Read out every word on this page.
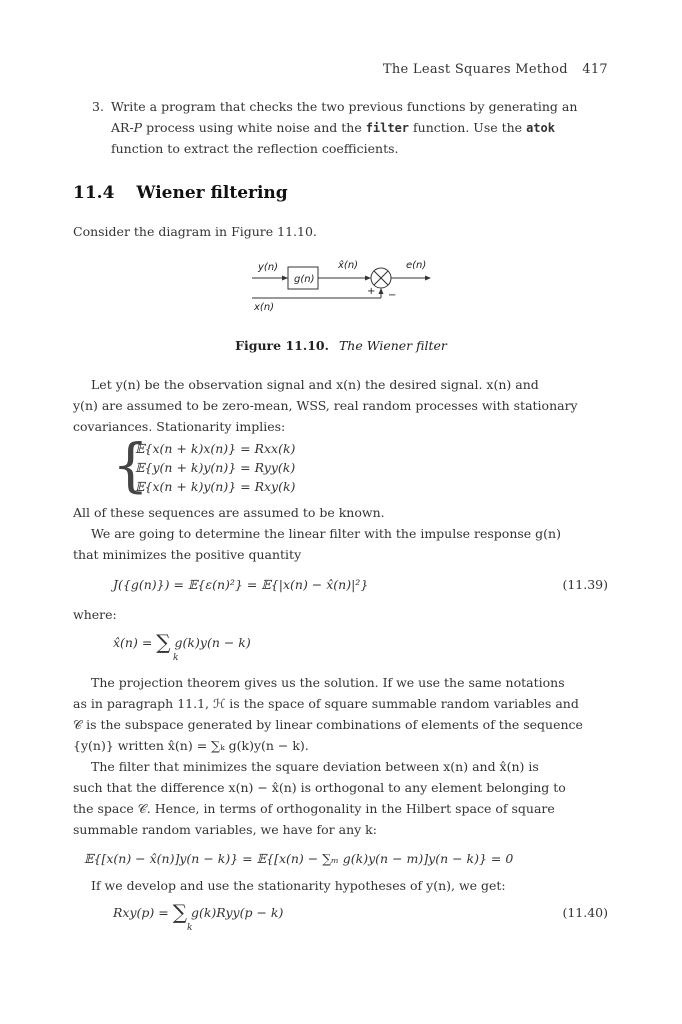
The Least Squares Method 417
3. Write a program that checks the two previous functions by generating an
AR-P process using white noise and the filter function. Use the atok
function to extract the reflection coefficients.
11.4 Wiener filtering
Consider the diagram in Figure 11.10.
y(n)
g(n)
x̂(n)	e(n)
x(n)
+ −
Figure 11.10. The Wiener filter
Let y(n) be the observation signal and x(n) the desired signal. x(n) and
y(n) are assumed to be zero-mean, WSS, real random processes with stationary
covariances. Stationarity implies:
{
𝔼{x(n + k)x(n)} = Rxx(k)
𝔼{y(n + k)y(n)} = Ryy(k)
𝔼{x(n + k)y(n)} = Rxy(k)
All of these sequences are assumed to be known.
We are going to determine the linear filter with the impulse response g(n)
that minimizes the positive quantity
J({g(n)}) = 𝔼{ε(n)²} = 𝔼{|x(n) − x̂(n)|²}	(11.39)
where:
x̂(n) = ∑ g(k)y(n − k)
k
The projection theorem gives us the solution. If we use the same notations
as in paragraph 11.1, ℋ is the space of square summable random variables and
𝒞 is the subspace generated by linear combinations of elements of the sequence
{y(n)} written x̂(n) = ∑ₖ g(k)y(n − k).
The filter that minimizes the square deviation between x(n) and x̂(n) is
such that the difference x(n) − x̂(n) is orthogonal to any element belonging to
the space 𝒞. Hence, in terms of orthogonality in the Hilbert space of square
summable random variables, we have for any k:
𝔼{[x(n) − x̂(n)]y(n − k)} = 𝔼{[x(n) − ∑ₘ g(k)y(n − m)]y(n − k)} = 0
If we develop and use the stationarity hypotheses of y(n), we get:
Rxy(p) = ∑ g(k)Ryy(p − k)
k
(11.40)
